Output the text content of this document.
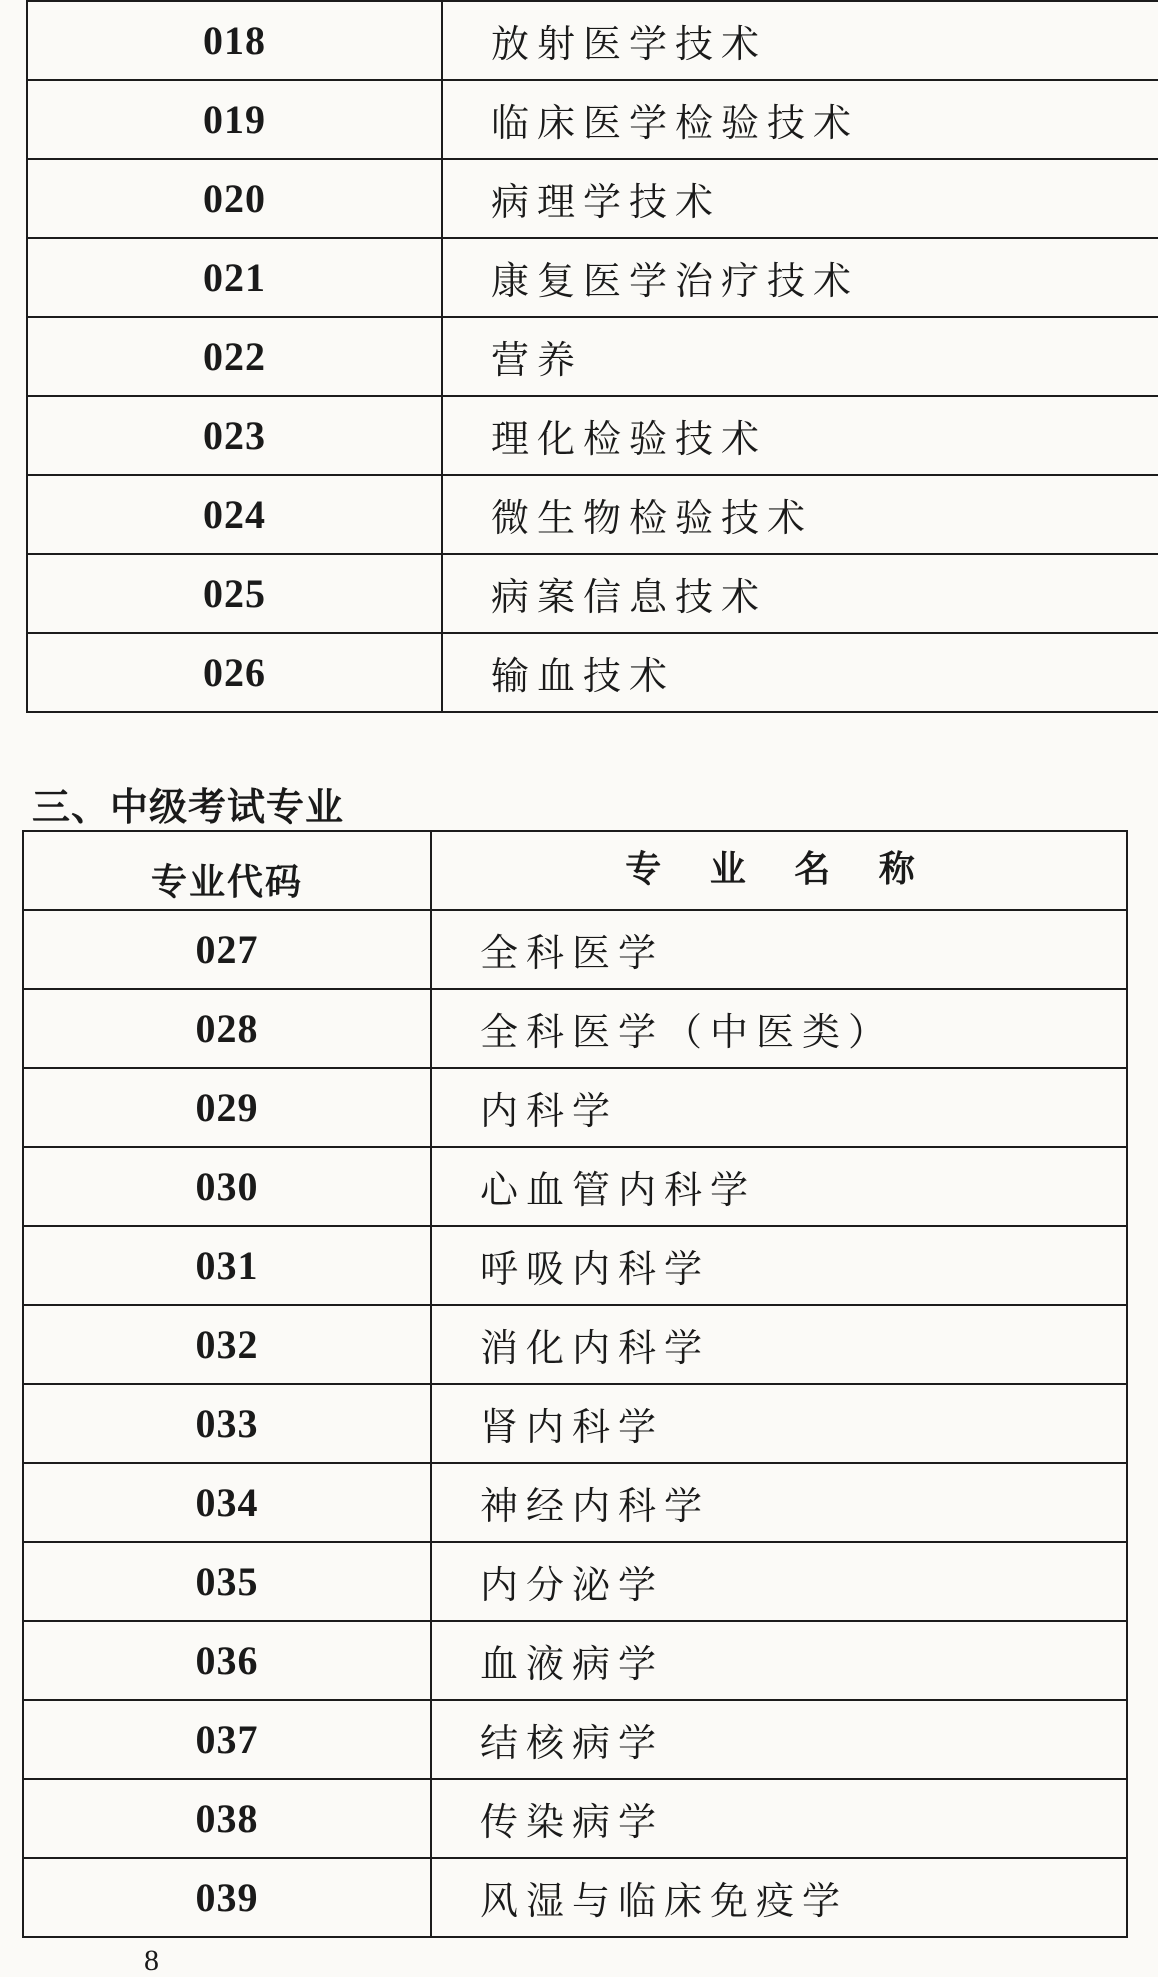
018	放射医学技术
019	临床医学检验技术
020	病理学技术
021	康复医学治疗技术
022	营养
023	理化检验技术
024	微生物检验技术
025	病案信息技术
026	输血技术
三、中级考试专业
专业代码	专 业 名 称
027	全科医学
028	全科医学（中医类）
029	内科学
030	心血管内科学
031	呼吸内科学
032	消化内科学
033	肾内科学
034	神经内科学
035	内分泌学
036	血液病学
037	结核病学
038	传染病学
039	风湿与临床免疫学
8
